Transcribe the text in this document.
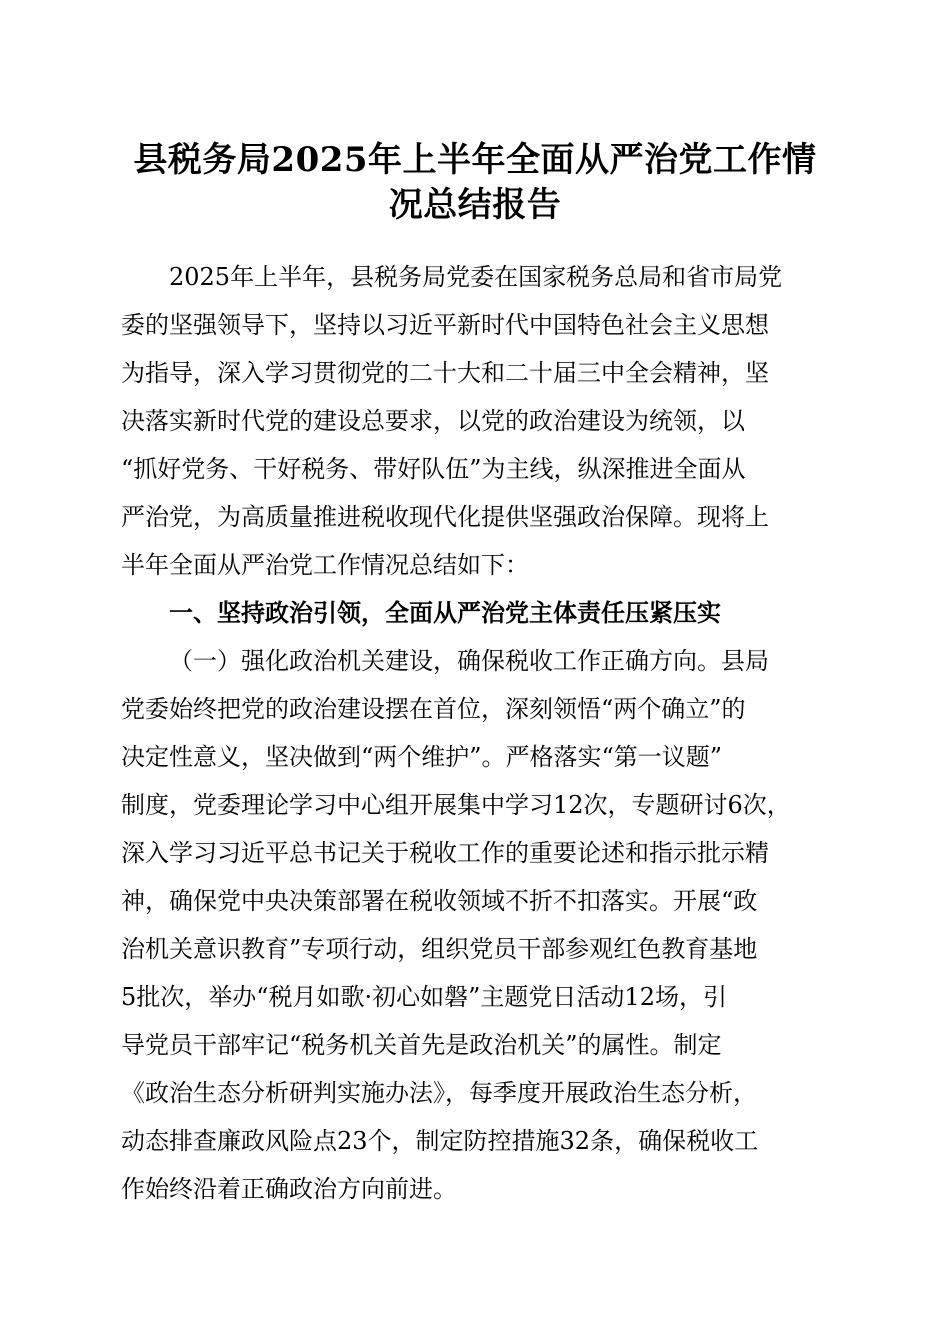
县税务局2025年上半年全面从严治党工作情
况总结报告
2025年上半年，县税务局党委在国家税务总局和省市局党
委的坚强领导下，坚持以习近平新时代中国特色社会主义思想
为指导，深入学习贯彻党的二十大和二十届三中全会精神，坚
决落实新时代党的建设总要求，以党的政治建设为统领，以
“抓好党务、干好税务、带好队伍”为主线，纵深推进全面从
严治党，为高质量推进税收现代化提供坚强政治保障。现将上
半年全面从严治党工作情况总结如下：
一、坚持政治引领，全面从严治党主体责任压紧压实
（一）强化政治机关建设，确保税收工作正确方向。县局
党委始终把党的政治建设摆在首位，深刻领悟“两个确立”的
决定性意义，坚决做到“两个维护”。严格落实“第一议题”
制度，党委理论学习中心组开展集中学习12次，专题研讨6次，
深入学习习近平总书记关于税收工作的重要论述和指示批示精
神，确保党中央决策部署在税收领域不折不扣落实。开展“政
治机关意识教育”专项行动，组织党员干部参观红色教育基地
5批次，举办“税月如歌·初心如磐”主题党日活动12场，引
导党员干部牢记“税务机关首先是政治机关”的属性。制定
《政治生态分析研判实施办法》，每季度开展政治生态分析，
动态排查廉政风险点23个，制定防控措施32条，确保税收工
作始终沿着正确政治方向前进。
